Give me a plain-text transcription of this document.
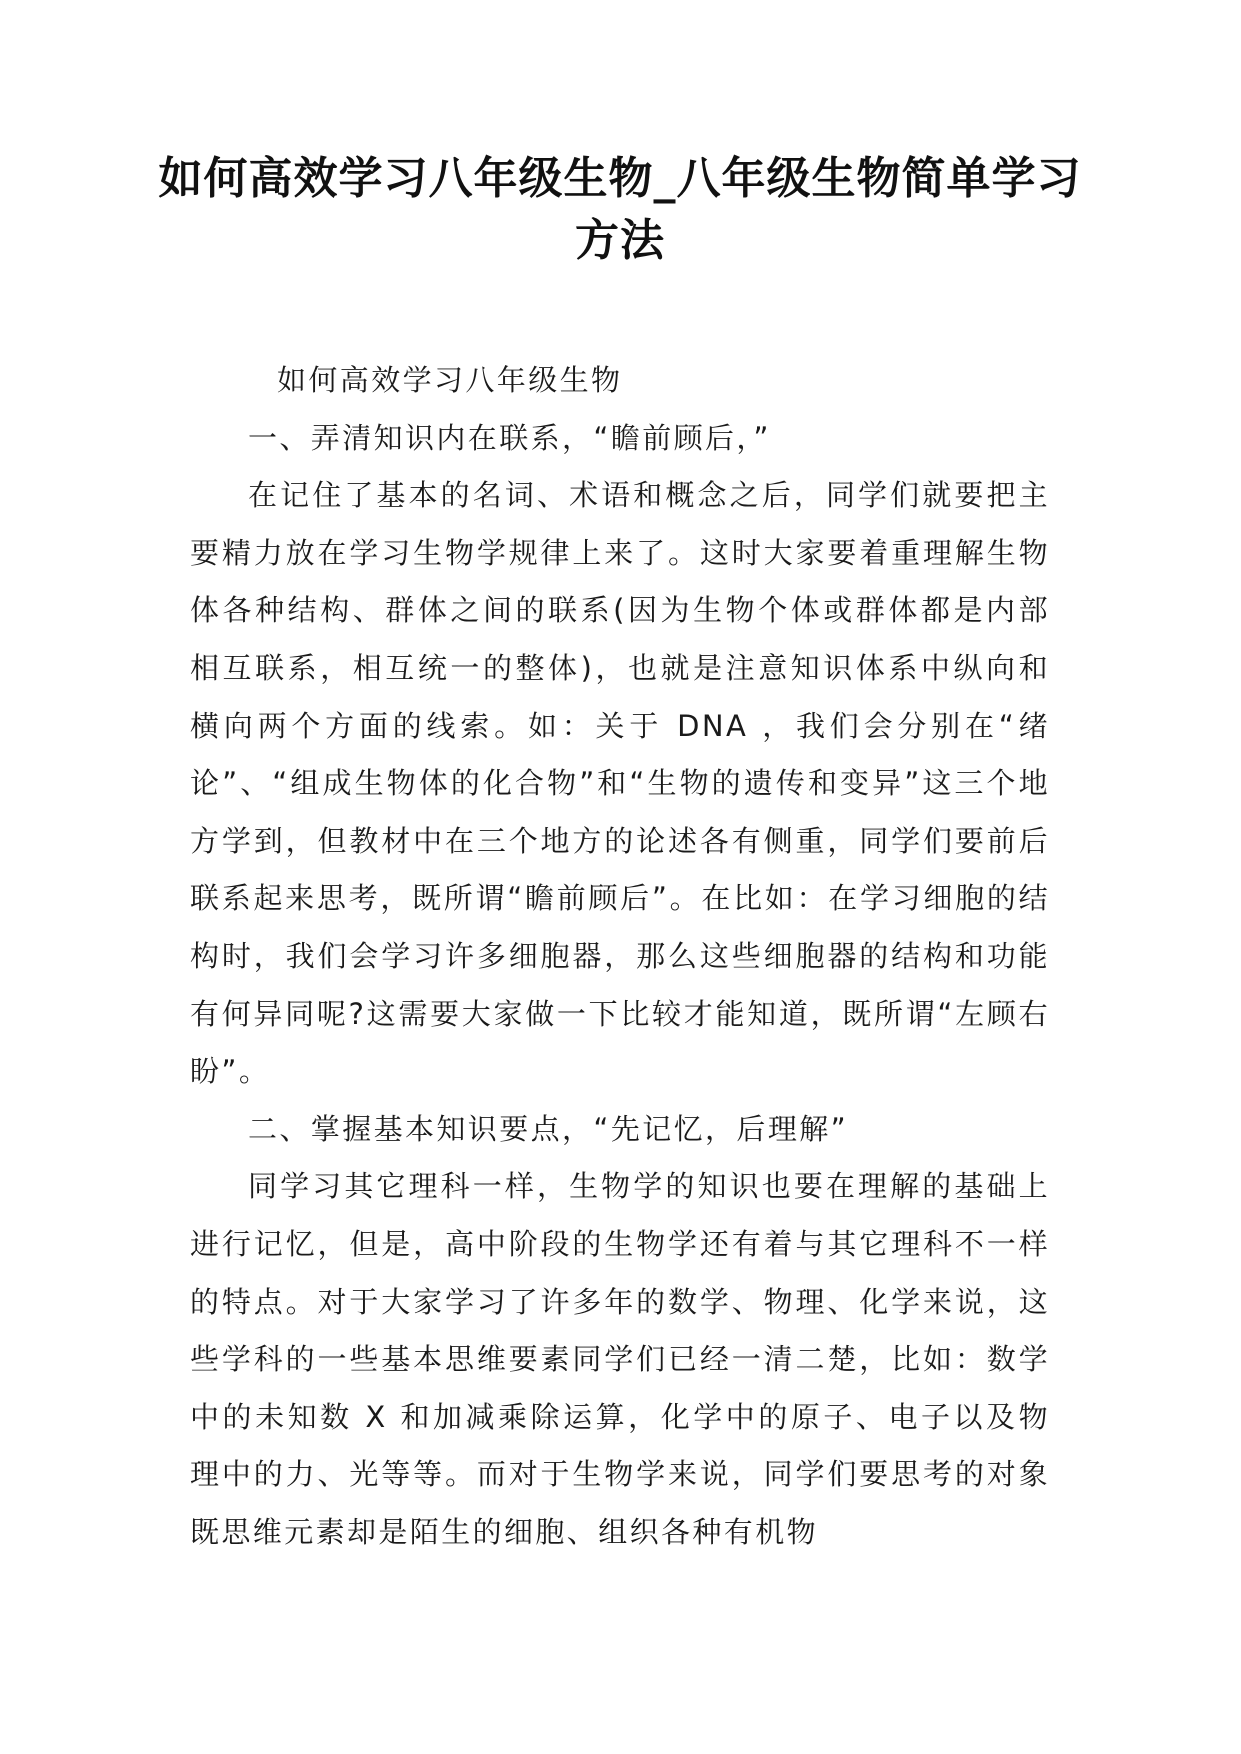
如何高效学习八年级生物_八年级生物简单学习方法

如何高效学习八年级生物

一、弄清知识内在联系，“瞻前顾后，”

在记住了基本的名词、术语和概念之后，同学们就要把主要精力放在学习生物学规律上来了。这时大家要着重理解生物体各种结构、群体之间的联系(因为生物个体或群体都是内部相互联系，相互统一的整体)，也就是注意知识体系中纵向和横向两个方面的线索。如：关于 DNA ，我们会分别在“绪论”、“组成生物体的化合物”和“生物的遗传和变异”这三个地方学到，但教材中在三个地方的论述各有侧重，同学们要前后联系起来思考，既所谓“瞻前顾后”。在比如：在学习细胞的结构时，我们会学习许多细胞器，那么这些细胞器的结构和功能有何异同呢?这需要大家做一下比较才能知道，既所谓“左顾右盼”。

二、掌握基本知识要点，“先记忆，后理解”

同学习其它理科一样，生物学的知识也要在理解的基础上进行记忆，但是，高中阶段的生物学还有着与其它理科不一样的特点。对于大家学习了许多年的数学、物理、化学来说，这些学科的一些基本思维要素同学们已经一清二楚，比如：数学中的未知数 X 和加减乘除运算，化学中的原子、电子以及物理中的力、光等等。而对于生物学来说，同学们要思考的对象既思维元素却是陌生的细胞、组织各种有机物
